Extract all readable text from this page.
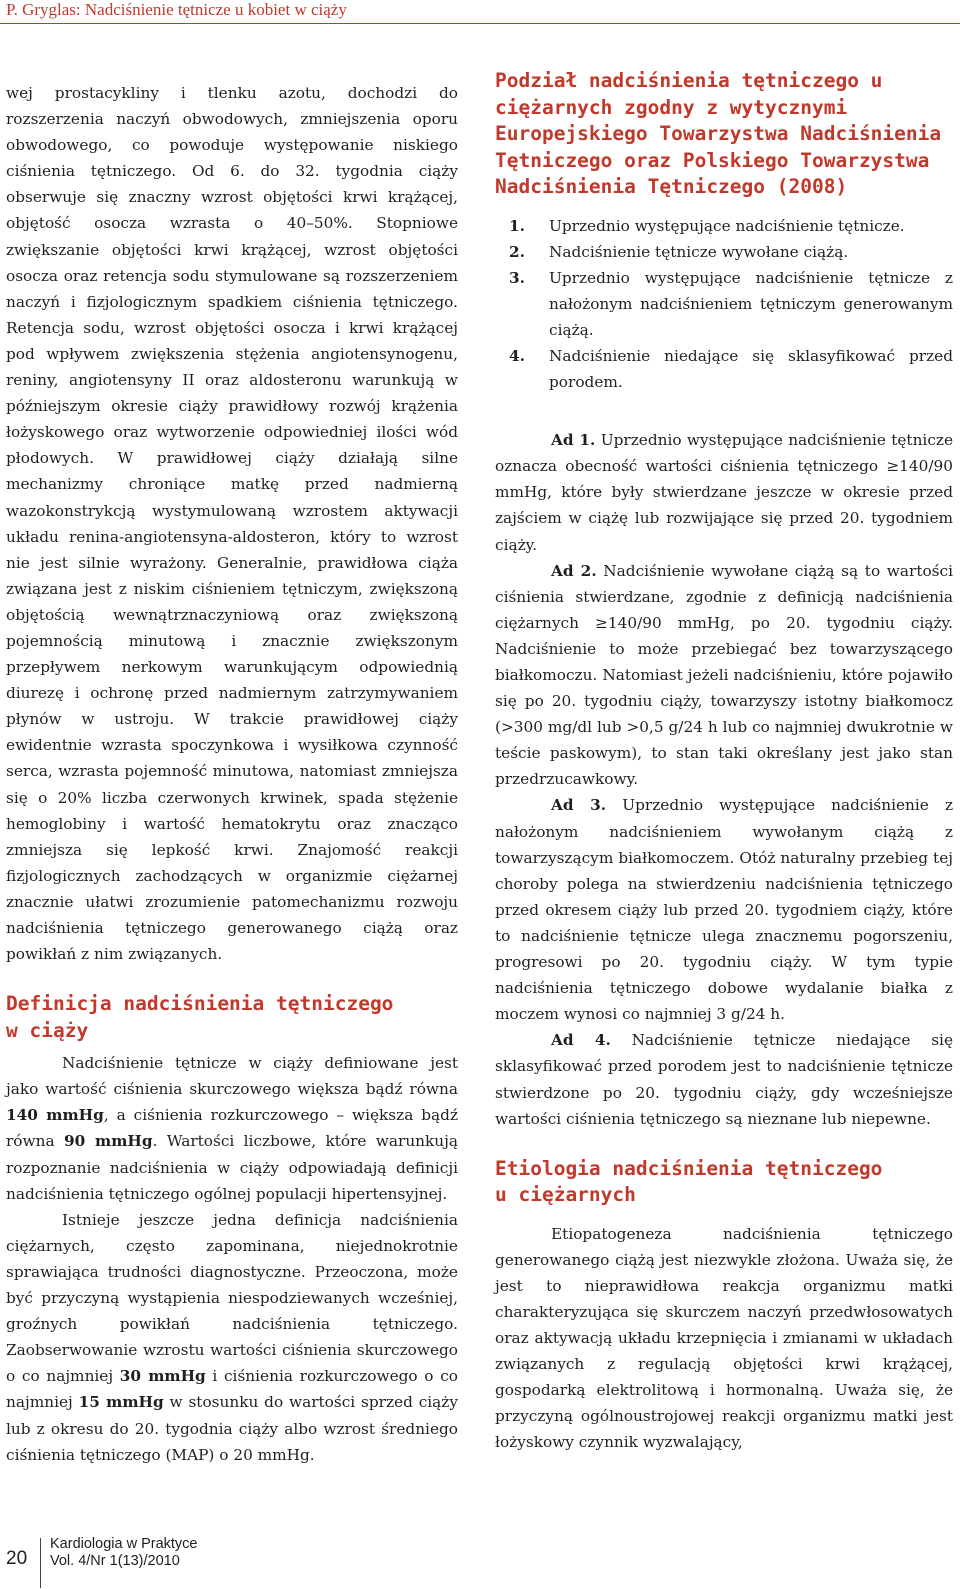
P. Gryglas: Nadciśnienie tętnicze u kobiet w ciąży

wej prostacykliny i tlenku azotu, dochodzi do rozszerzenia naczyń obwodowych, zmniejszenia oporu obwodowego, co powoduje występowanie niskiego ciśnienia tętniczego. Od 6. do 32. tygodnia ciąży obserwuje się znaczny wzrost objętości krwi krążącej, objętość osocza wzrasta o 40–50%. Stopniowe zwiększanie objętości krwi krążącej, wzrost objętości osocza oraz retencja sodu stymulowane są rozszerzeniem naczyń i fizjologicznym spadkiem ciśnienia tętniczego. Retencja sodu, wzrost objętości osocza i krwi krążącej pod wpływem zwiększenia stężenia angiotensynogenu, reniny, angiotensyny II oraz aldosteronu warunkują w późniejszym okresie ciąży prawidłowy rozwój krążenia łożyskowego oraz wytworzenie odpowiedniej ilości wód płodowych. W prawidłowej ciąży działają silne mechanizmy chroniące matkę przed nadmierną wazokonstrykcją wystymulowaną wzrostem aktywacji układu renina-angiotensyna-aldosteron, który to wzrost nie jest silnie wyrażony. Generalnie, prawidłowa ciąża związana jest z niskim ciśnieniem tętniczym, zwiększoną objętością wewnątrznaczyniową oraz zwiększoną pojemnością minutową i znacznie zwiększonym przepływem nerkowym warunkującym odpowiednią diurezę i ochronę przed nadmiernym zatrzymywaniem płynów w ustroju. W trakcie prawidłowej ciąży ewidentnie wzrasta spoczynkowa i wysiłkowa czynność serca, wzrasta pojemność minutowa, natomiast zmniejsza się o 20% liczba czerwonych krwinek, spada stężenie hemoglobiny i wartość hematokrytu oraz znacząco zmniejsza się lepkość krwi. Znajomość reakcji fizjologicznych zachodzących w organizmie ciężarnej znacznie ułatwi zrozumienie patomechanizmu rozwoju nadciśnienia tętniczego generowanego ciążą oraz powikłań z nim związanych.

Definicja nadciśnienia tętniczego
w ciąży

Nadciśnienie tętnicze w ciąży definiowane jest jako wartość ciśnienia skurczowego większa bądź równa 140 mmHg, a ciśnienia rozkurczowego – większa bądź równa 90 mmHg. Wartości liczbowe, które warunkują rozpoznanie nadciśnienia w ciąży odpowiadają definicji nadciśnienia tętniczego ogólnej populacji hipertensyjnej.

Istnieje jeszcze jedna definicja nadciśnienia ciężarnych, często zapominana, niejednokrotnie sprawiająca trudności diagnostyczne. Przeoczona, może być przyczyną wystąpienia niespodziewanych wcześniej, groźnych powikłań nadciśnienia tętniczego. Zaobserwowanie wzrostu wartości ciśnienia skurczowego o co najmniej 30 mmHg i ciśnienia rozkurczowego o co najmniej 15 mmHg w stosunku do wartości sprzed ciąży lub z okresu do 20. tygodnia ciąży albo wzrost średniego ciśnienia tętniczego (MAP) o 20 mmHg.

Podział nadciśnienia tętniczego u ciężarnych zgodny z wytycznymi Europejskiego Towarzystwa Nadciśnienia Tętniczego oraz Polskiego Towarzystwa Nadciśnienia Tętniczego (2008)
1.	Uprzednio występujące nadciśnienie tętnicze.
2.	Nadciśnienie tętnicze wywołane ciążą.
3.	Uprzednio występujące nadciśnienie tętnicze z nałożonym nadciśnieniem tętniczym generowanym ciążą.
4.	Nadciśnienie niedające się sklasyfikować przed porodem.

Ad 1. Uprzednio występujące nadciśnienie tętnicze oznacza obecność wartości ciśnienia tętniczego ≥140/90 mmHg, które były stwierdzane jeszcze w okresie przed zajściem w ciążę lub rozwijające się przed 20. tygodniem ciąży.

Ad 2. Nadciśnienie wywołane ciążą są to wartości ciśnienia stwierdzane, zgodnie z definicją nadciśnienia ciężarnych ≥140/90 mmHg, po 20. tygodniu ciąży. Nadciśnienie to może przebiegać bez towarzyszącego białkomoczu. Natomiast jeżeli nadciśnieniu, które pojawiło się po 20. tygodniu ciąży, towarzyszy istotny białkomocz (>300 mg/dl lub >0,5 g/24 h lub co najmniej dwukrotnie w teście paskowym), to stan taki określany jest jako stan przedrzucawkowy.

Ad 3. Uprzednio występujące nadciśnienie z nałożonym nadciśnieniem wywołanym ciążą z towarzyszącym białkomoczem. Otóż naturalny przebieg tej choroby polega na stwierdzeniu nadciśnienia tętniczego przed okresem ciąży lub przed 20. tygodniem ciąży, które to nadciśnienie tętnicze ulega znacznemu pogorszeniu, progresowi po 20. tygodniu ciąży. W tym typie nadciśnienia tętniczego dobowe wydalanie białka z moczem wynosi co najmniej 3 g/24 h.

Ad 4. Nadciśnienie tętnicze niedające się sklasyfikować przed porodem jest to nadciśnienie tętnicze stwierdzone po 20. tygodniu ciąży, gdy wcześniejsze wartości ciśnienia tętniczego są nieznane lub niepewne.

Etiologia nadciśnienia tętniczego
u ciężarnych

Etiopatogeneza nadciśnienia tętniczego generowanego ciążą jest niezwykle złożona. Uważa się, że jest to nieprawidłowa reakcja organizmu matki charakteryzująca się skurczem naczyń przedwłosowatych oraz aktywacją układu krzepnięcia i zmianami w układach związanych z regulacją objętości krwi krążącej, gospodarką elektrolitową i hormonalną. Uważa się, że przyczyną ogólnoustrojowej reakcji organizmu matki jest łożyskowy czynnik wyzwalający,

20
Kardiologia w Praktyce
Vol. 4/Nr 1(13)/2010
